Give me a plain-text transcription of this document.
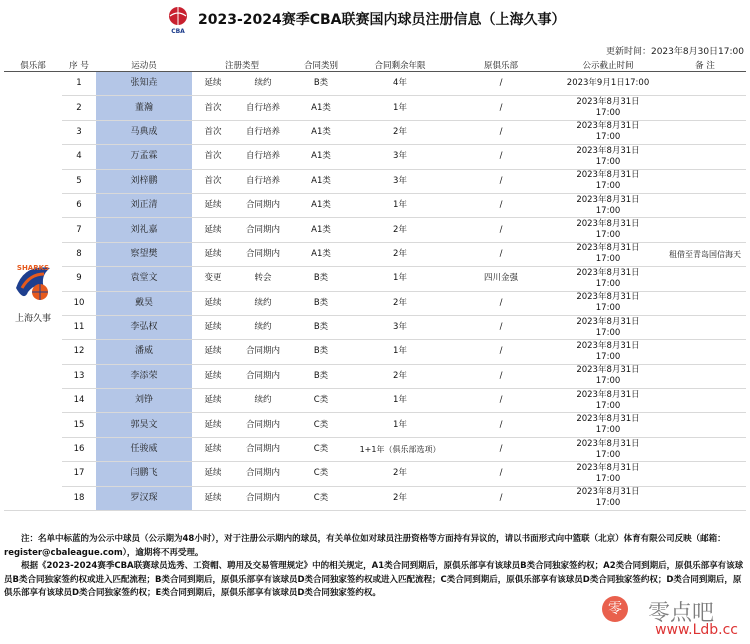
CBA
2023-2024赛季CBA联赛国内球员注册信息（上海久事）
更新时间：2023年8月30日17:00
俱乐部	序 号	运动员	注册类型		合同类别	合同剩余年限	原俱乐部	公示截止时间	备 注

SHARKS
上海久事	1	张知垚	延续	续约	B类	4年	/	2023年9月1日17:00	
	2	董瀚	首次	自行培养	A1类	1年	/	2023年8月31日
17:00	
	3	马典成	首次	自行培养	A1类	2年	/	2023年8月31日
17:00	
	4	万孟霖	首次	自行培养	A1类	3年	/	2023年8月31日
17:00	
	5	刘梓鹏	首次	自行培养	A1类	3年	/	2023年8月31日
17:00	
	6	刘正清	延续	合同期内	A1类	1年	/	2023年8月31日
17:00	
	7	刘礼嘉	延续	合同期内	A1类	2年	/	2023年8月31日
17:00	
	8	察望樊	延续	合同期内	A1类	2年	/	2023年8月31日
17:00	租借至青岛国信海天
	9	袁堂文	变更	转会	B类	1年	四川金强	2023年8月31日
17:00	
	10	戴昊	延续	续约	B类	2年	/	2023年8月31日
17:00	
	11	李弘权	延续	续约	B类	3年	/	2023年8月31日
17:00	
	12	潘威	延续	合同期内	B类	1年	/	2023年8月31日
17:00	
	13	李添荣	延续	合同期内	B类	2年	/	2023年8月31日
17:00	
	14	刘铮	延续	续约	C类	1年	/	2023年8月31日
17:00	
	15	郭昊文	延续	合同期内	C类	1年	/	2023年8月31日
17:00	
	16	任骏威	延续	合同期内	C类	1+1年（俱乐部选项）	/	2023年8月31日
17:00	
	17	闫鹏飞	延续	合同期内	C类	2年	/	2023年8月31日
17:00	
	18	罗汉琛	延续	合同期内	C类	2年	/	2023年8月31日
17:00	

注：名单中标蓝的为公示中球员（公示期为48小时），对于注册公示期内的球员，有关单位如对球员注册资格等方面持有异议的，请以书面形式向中篮联（北京）体育有限公司反映（邮箱：register@cbaleague.com），逾期将不再受理。

根据《2023-2024赛季CBA联赛球员选秀、工资帽、聘用及交易管理规定》中的相关规定，A1类合同到期后，原俱乐部享有该球员B类合同独家签约权；A2类合同到期后，原俱乐部享有该球员B类合同独家签约权或进入匹配流程；B类合同到期后，原俱乐部享有该球员D类合同独家签约权或进入匹配流程；C类合同到期后，原俱乐部享有该球员D类合同独家签约权；D类合同到期后，原俱乐部享有该球员D类合同独家签约权；E类合同到期后，原俱乐部享有该球员D类合同独家签约权。

零 零点吧
www.Ldb.cc
